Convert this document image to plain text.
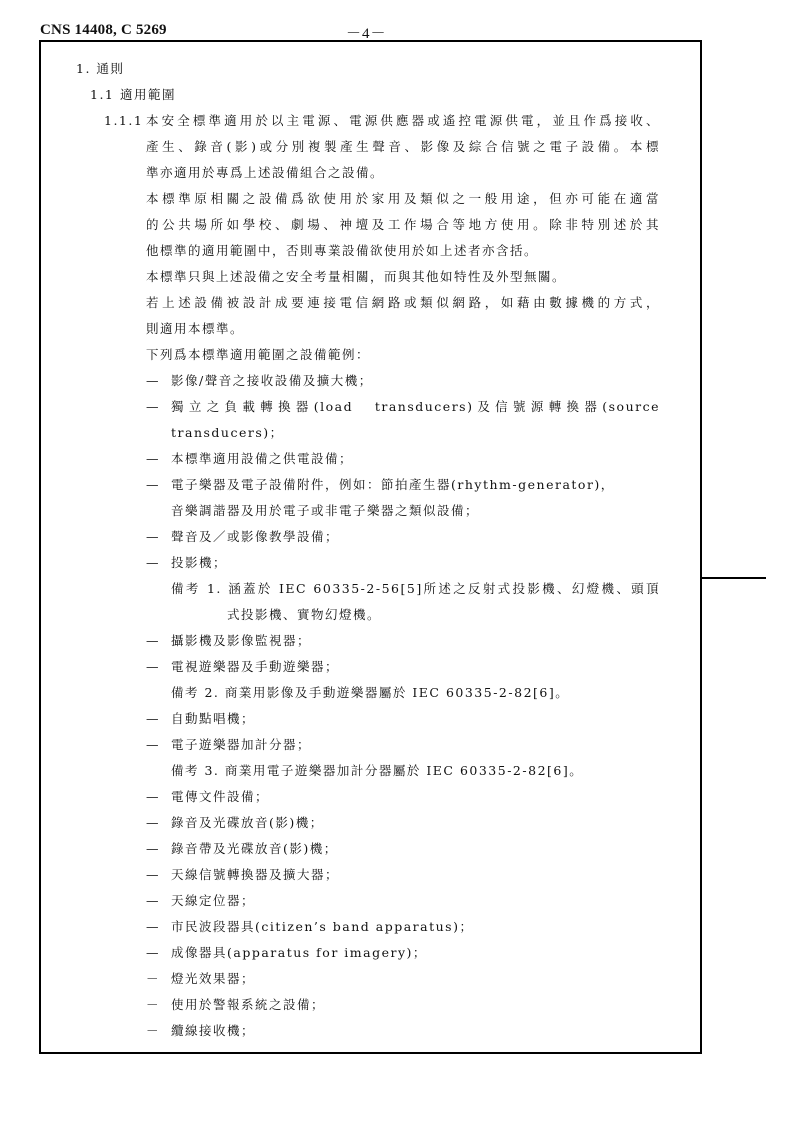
CNS 14408, C 5269	－4－
1. 通則
1.1 適用範圍
1.1.1 本安全標準適用於以主電源、電源供應器或遙控電源供電，並且作爲接收、
產生、錄音(影)或分別複製產生聲音、影像及綜合信號之電子設備。本標
準亦適用於專爲上述設備組合之設備。
本標準原相關之設備爲欲使用於家用及類似之一般用途，但亦可能在適當
的公共場所如學校、劇場、神壇及工作場合等地方使用。除非特別述於其
他標準的適用範圍中，否則專業設備欲使用於如上述者亦含括。
本標準只與上述設備之安全考量相關，而與其他如特性及外型無關。
若上述設備被設計成要連接電信網路或類似網路，如藉由數據機的方式，
則適用本標準。
下列爲本標準適用範圍之設備範例：
— 影像/聲音之接收設備及擴大機；
— 獨立之負載轉換器(load　transducers)及信號源轉換器(source
transducers)；
— 本標準適用設備之供電設備；
— 電子樂器及電子設備附件，例如：節拍產生器(rhythm-generator)，
音樂調諧器及用於電子或非電子樂器之類似設備；
— 聲音及／或影像教學設備；
— 投影機；
備考 1. 涵蓋於 IEC 60335-2-56[5]所述之反射式投影機、幻燈機、頭頂
式投影機、實物幻燈機。
— 攝影機及影像監視器；
— 電視遊樂器及手動遊樂器；
備考 2. 商業用影像及手動遊樂器屬於 IEC 60335-2-82[6]。
— 自動點唱機；
— 電子遊樂器加計分器；
備考 3. 商業用電子遊樂器加計分器屬於 IEC 60335-2-82[6]。
— 電傳文件設備；
— 錄音及光碟放音(影)機；
— 錄音帶及光碟放音(影)機；
— 天線信號轉換器及擴大器；
— 天線定位器；
— 市民波段器具(citizen’s band apparatus)；
— 成像器具(apparatus for imagery)；
－ 燈光效果器；
－ 使用於警報系統之設備；
－ 纜線接收機；
